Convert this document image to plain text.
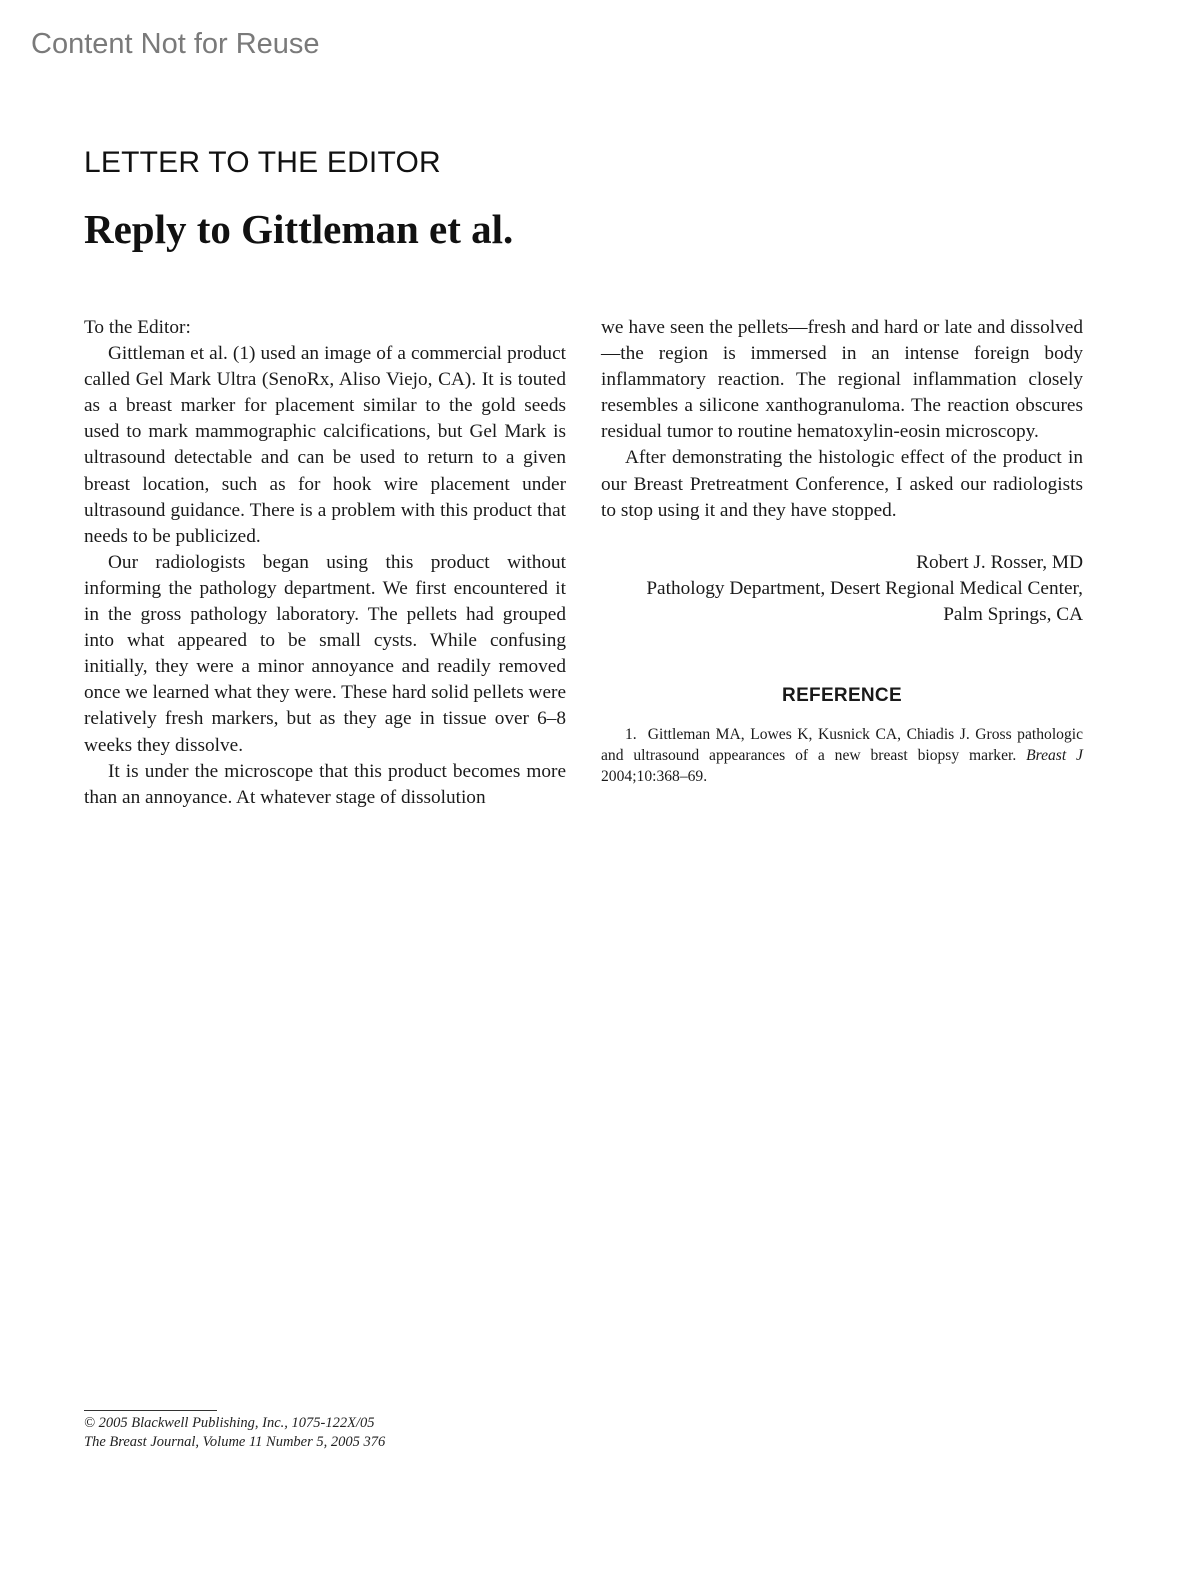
Content Not for Reuse
LETTER TO THE EDITOR
Reply to Gittleman et al.

To the Editor:

Gittleman et al. (1) used an image of a commercial product called Gel Mark Ultra (SenoRx, Aliso Viejo, CA). It is touted as a breast marker for placement similar to the gold seeds used to mark mammographic calcifications, but Gel Mark is ultrasound detectable and can be used to return to a given breast location, such as for hook wire placement under ultrasound guidance. There is a problem with this product that needs to be publicized.

Our radiologists began using this product without informing the pathology department. We first encountered it in the gross pathology laboratory. The pellets had grouped into what appeared to be small cysts. While confusing initially, they were a minor annoyance and readily removed once we learned what they were. These hard solid pellets were relatively fresh markers, but as they age in tissue over 6–8 weeks they dissolve.

It is under the microscope that this product becomes more than an annoyance. At whatever stage of dissolution

we have seen the pellets—fresh and hard or late and dissolved—the region is immersed in an intense foreign body inflammatory reaction. The regional inflammation closely resembles a silicone xanthogranuloma. The reaction obscures residual tumor to routine hematoxylin-eosin microscopy.

After demonstrating the histologic effect of the product in our Breast Pretreatment Conference, I asked our radiologists to stop using it and they have stopped.

Robert J. Rosser, MD
Pathology Department, Desert Regional Medical Center,
Palm Springs, CA
REFERENCE
1.  Gittleman MA, Lowes K, Kusnick CA, Chiadis J. Gross pathologic and ultrasound appearances of a new breast biopsy marker. Breast J 2004;10:368–69.
© 2005 Blackwell Publishing, Inc., 1075-122X/05
The Breast Journal, Volume 11 Number 5, 2005 376
